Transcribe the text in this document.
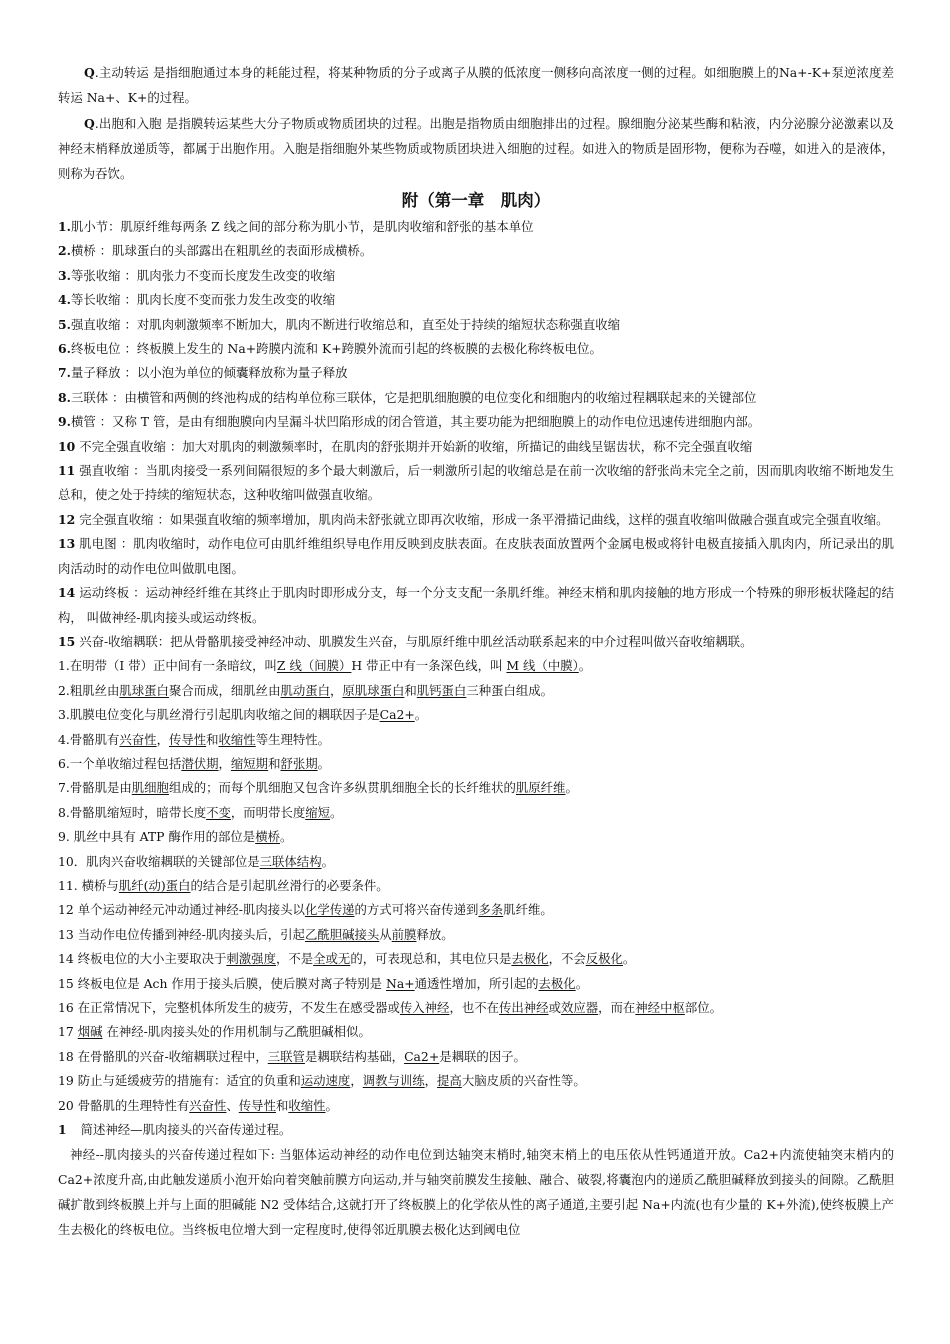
Q.主动转运 是指细胞通过本身的耗能过程，将某种物质的分子或离子从膜的低浓度一侧移向高浓度一侧的过程。如细胞膜上的Na+-K+泵逆浓度差转运 Na+、K+的过程。

Q.出胞和入胞 是指膜转运某些大分子物质或物质团块的过程。出胞是指物质由细胞排出的过程。腺细胞分泌某些酶和粘液，内分泌腺分泌激素以及神经末梢释放递质等，都属于出胞作用。入胞是指细胞外某些物质或物质团块进入细胞的过程。如进入的物质是固形物，便称为吞噬，如进入的是液体，则称为吞饮。

附（第一章　肌肉）

1.肌小节：肌原纤维每两条 Z 线之间的部分称为肌小节，是肌肉收缩和舒张的基本单位

2.横桥 ：肌球蛋白的头部露出在粗肌丝的表面形成横桥。

3.等张收缩 ：肌肉张力不变而长度发生改变的收缩

4.等长收缩 ：肌肉长度不变而张力发生改变的收缩

5.强直收缩 ：对肌肉刺激频率不断加大，肌肉不断进行收缩总和，直至处于持续的缩短状态称强直收缩

6.终板电位 ：终板膜上发生的 Na+跨膜内流和 K+跨膜外流而引起的终板膜的去极化称终板电位。

7.量子释放 ：以小泡为单位的倾囊释放称为量子释放

8.三联体 ：由横管和两侧的终池构成的结构单位称三联体，它是把肌细胞膜的电位变化和细胞内的收缩过程耦联起来的关键部位

9.横管 ：又称 T 管，是由有细胞膜向内呈漏斗状凹陷形成的闭合管道，其主要功能为把细胞膜上的动作电位迅速传进细胞内部。

10 不完全强直收缩 ：加大对肌肉的刺激频率时，在肌肉的舒张期并开始新的收缩，所描记的曲线呈锯齿状，称不完全强直收缩

11 强直收缩 ：当肌肉接受一系列间隔很短的多个最大刺激后，后一刺激所引起的收缩总是在前一次收缩的舒张尚未完全之前，因而肌肉收缩不断地发生总和，使之处于持续的缩短状态，这种收缩叫做强直收缩。

12 完全强直收缩 ：如果强直收缩的频率增加，肌肉尚未舒张就立即再次收缩，形成一条平滑描记曲线，这样的强直收缩叫做融合强直或完全强直收缩。

13 肌电图 ：肌肉收缩时，动作电位可由肌纤维组织导电作用反映到皮肤表面。在皮肤表面放置两个金属电极或将针电极直接插入肌肉内，所记录出的肌肉活动时的动作电位叫做肌电图。

14 运动终板 ：运动神经纤维在其终止于肌肉时即形成分支，每一个分支支配一条肌纤维。神经末梢和肌肉接触的地方形成一个特殊的卵形板状隆起的结构， 叫做神经-肌肉接头或运动终板。

15 兴奋-收缩耦联：把从骨骼肌接受神经冲动、肌膜发生兴奋，与肌原纤维中肌丝活动联系起来的中介过程叫做兴奋收缩耦联。

1.在明带（I 带）正中间有一条暗纹，叫Z 线（间膜）H 带正中有一条深色线，叫 M 线（中膜）。

2.粗肌丝由肌球蛋白聚合而成，细肌丝由肌动蛋白，原肌球蛋白和肌钙蛋白三种蛋白组成。

3.肌膜电位变化与肌丝滑行引起肌肉收缩之间的耦联因子是Ca2+。

4.骨骼肌有兴奋性，传导性和收缩性等生理特性。

6.一个单收缩过程包括潜伏期，缩短期和舒张期。

7.骨骼肌是由肌细胞组成的；而每个肌细胞又包含许多纵贯肌细胞全长的长纤维状的肌原纤维。

8.骨骼肌缩短时，暗带长度不变，而明带长度缩短。

9. 肌丝中具有 ATP 酶作用的部位是横桥。

10．肌肉兴奋收缩耦联的关键部位是三联体结构。

11. 横桥与肌纤(动)蛋白的结合是引起肌丝滑行的必要条件。

12 单个运动神经元冲动通过神经-肌肉接头以化学传递的方式可将兴奋传递到多条肌纤维。

13 当动作电位传播到神经-肌肉接头后，引起乙酰胆碱接头从前膜释放。

14 终板电位的大小主要取决于刺激强度，不是全或无的，可表现总和，其电位只是去极化，不会反极化。

15 终板电位是 Ach 作用于接头后膜，使后膜对离子特别是 Na+通透性增加，所引起的去极化。

16 在正常情况下，完整机体所发生的疲劳，不发生在感受器或传入神经，也不在传出神经或效应器，而在神经中枢部位。

17 烟碱 在神经-肌肉接头处的作用机制与乙酰胆碱相似。

18 在骨骼肌的兴奋-收缩耦联过程中，三联管是耦联结构基础，Ca2+是耦联的因子。

19 防止与延缓疲劳的措施有：适宜的负重和运动速度，调教与训练，提高大脑皮质的兴奋性等。

20 骨骼肌的生理特性有兴奋性、传导性和收缩性。

1 简述神经—肌肉接头的兴奋传递过程。

神经--肌肉接头的兴奋传递过程如下: 当躯体运动神经的动作电位到达轴突末梢时,轴突末梢上的电压依从性钙通道开放。Ca2+内流使轴突末梢内的 Ca2+浓度升高,由此触发递质小泡开始向着突触前膜方向运动,并与轴突前膜发生接触、融合、破裂,将囊泡内的递质乙酰胆碱释放到接头的间隙。乙酰胆碱扩散到终板膜上并与上面的胆碱能 N2 受体结合,这就打开了终板膜上的化学依从性的离子通道,主要引起 Na+内流(也有少量的 K+外流),使终板膜上产生去极化的终板电位。当终板电位增大到一定程度时,使得邻近肌膜去极化达到阈电位
